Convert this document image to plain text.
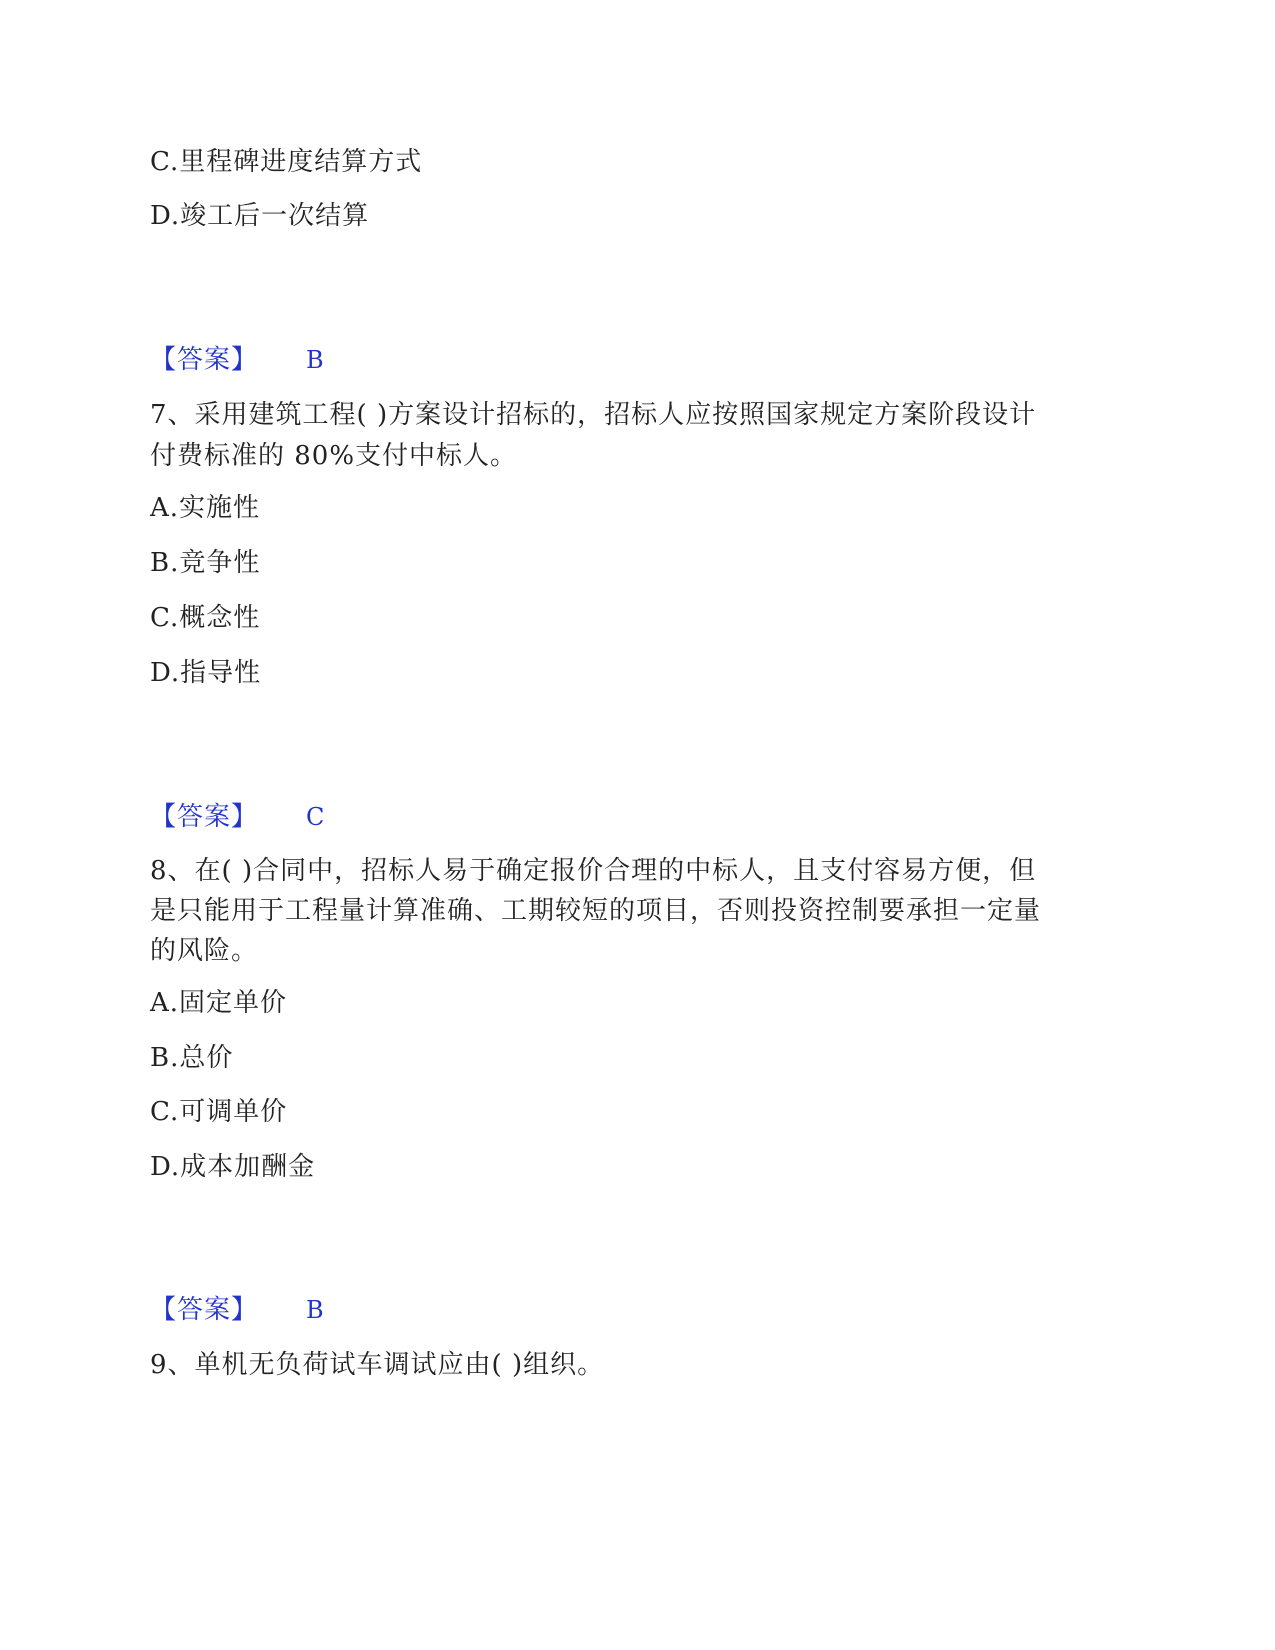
C.里程碑进度结算方式
D.竣工后一次结算
【答案】 B
7、采用建筑工程( )方案设计招标的，招标人应按照国家规定方案阶段设计
付费标准的 80%支付中标人。
A.实施性
B.竞争性
C.概念性
D.指导性
【答案】 C
8、在( )合同中，招标人易于确定报价合理的中标人，且支付容易方便，但
是只能用于工程量计算准确、工期较短的项目，否则投资控制要承担一定量
的风险。
A.固定单价
B.总价
C.可调单价
D.成本加酬金
【答案】 B
9、单机无负荷试车调试应由( )组织。
